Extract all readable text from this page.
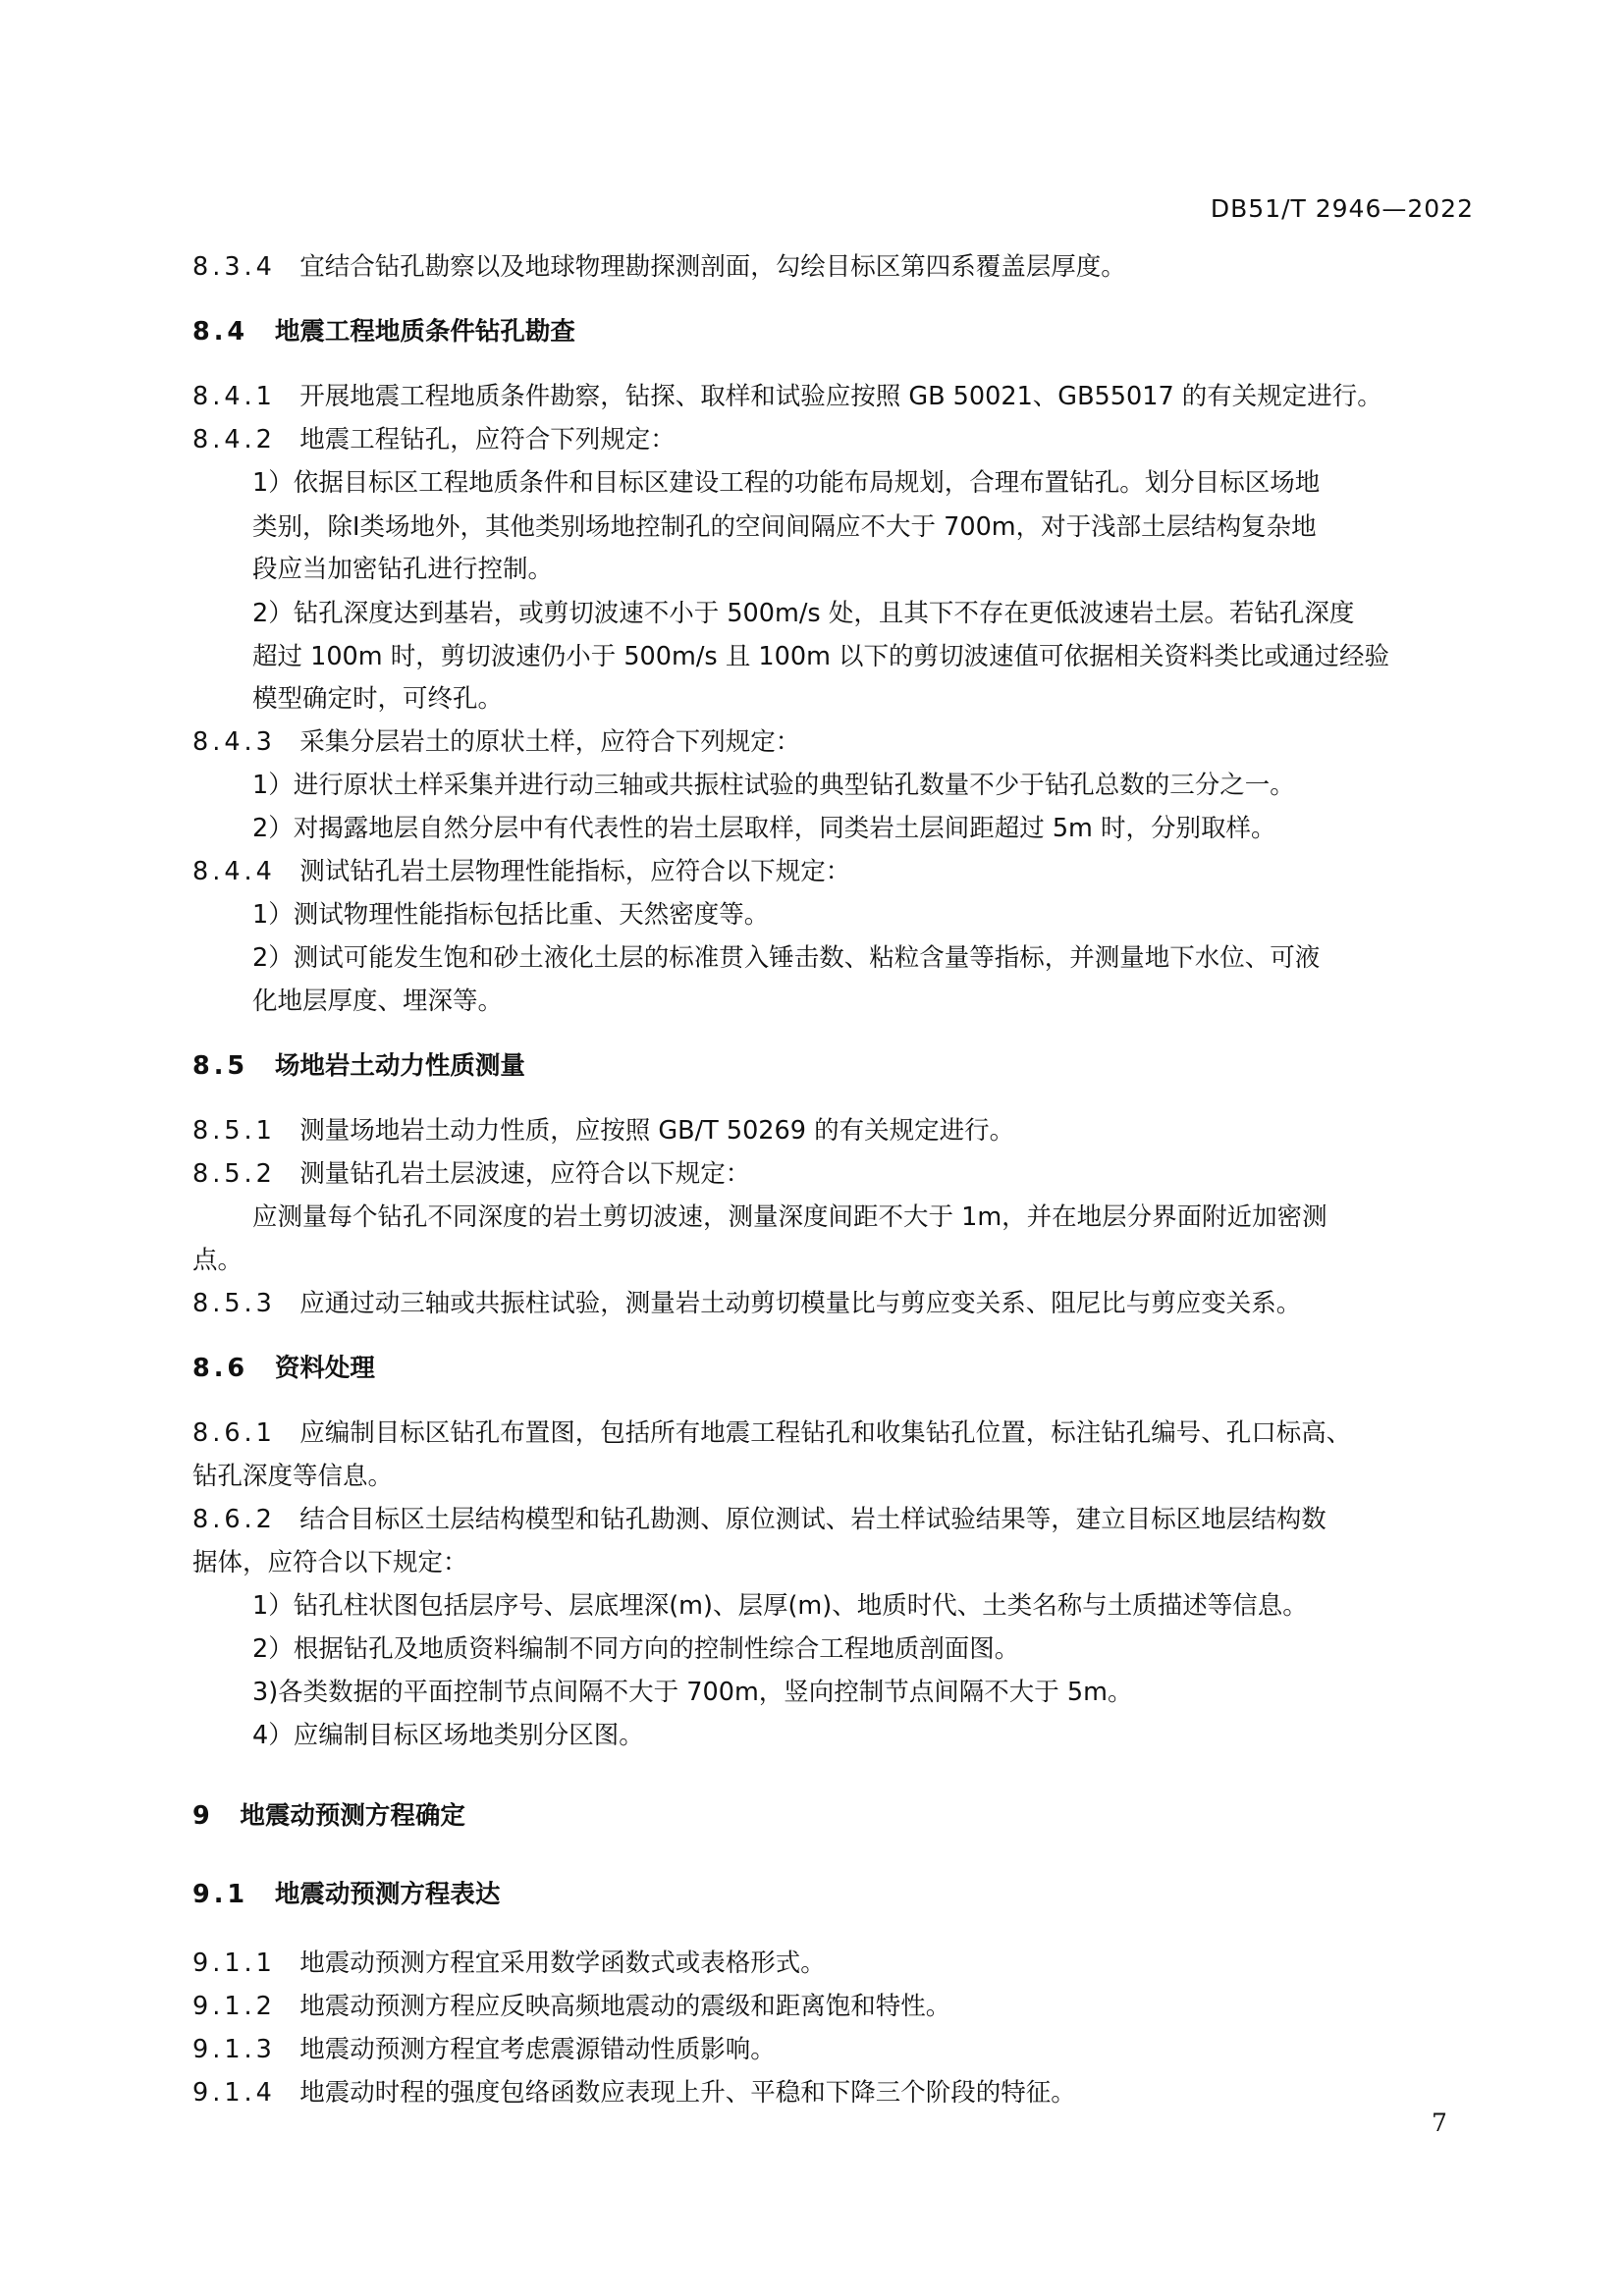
DB51/T 2946—2022
8.3.4 宜结合钻孔勘察以及地球物理勘探测剖面，勾绘目标区第四系覆盖层厚度。
8.4 地震工程地质条件钻孔勘查
8.4.1 开展地震工程地质条件勘察，钻探、取样和试验应按照 GB 50021、GB55017 的有关规定进行。
8.4.2 地震工程钻孔，应符合下列规定：
1）依据目标区工程地质条件和目标区建设工程的功能布局规划，合理布置钻孔。划分目标区场地
类别，除Ⅰ类场地外，其他类别场地控制孔的空间间隔应不大于 700m，对于浅部土层结构复杂地
段应当加密钻孔进行控制。
2）钻孔深度达到基岩，或剪切波速不小于 500m/s 处，且其下不存在更低波速岩土层。若钻孔深度
超过 100m 时，剪切波速仍小于 500m/s 且 100m 以下的剪切波速值可依据相关资料类比或通过经验
模型确定时，可终孔。
8.4.3 采集分层岩土的原状土样，应符合下列规定：
1）进行原状土样采集并进行动三轴或共振柱试验的典型钻孔数量不少于钻孔总数的三分之一。
2）对揭露地层自然分层中有代表性的岩土层取样，同类岩土层间距超过 5m 时，分别取样。
8.4.4 测试钻孔岩土层物理性能指标，应符合以下规定：
1）测试物理性能指标包括比重、天然密度等。
2）测试可能发生饱和砂土液化土层的标准贯入锤击数、粘粒含量等指标，并测量地下水位、可液
化地层厚度、埋深等。
8.5 场地岩土动力性质测量
8.5.1 测量场地岩土动力性质，应按照 GB/T 50269 的有关规定进行。
8.5.2 测量钻孔岩土层波速，应符合以下规定：
应测量每个钻孔不同深度的岩土剪切波速，测量深度间距不大于 1m，并在地层分界面附近加密测
点。
8.5.3 应通过动三轴或共振柱试验，测量岩土动剪切模量比与剪应变关系、阻尼比与剪应变关系。
8.6 资料处理
8.6.1 应编制目标区钻孔布置图，包括所有地震工程钻孔和收集钻孔位置，标注钻孔编号、孔口标高、
钻孔深度等信息。
8.6.2 结合目标区土层结构模型和钻孔勘测、原位测试、岩土样试验结果等，建立目标区地层结构数
据体，应符合以下规定：
1）钻孔柱状图包括层序号、层底埋深(m)、层厚(m)、地质时代、土类名称与土质描述等信息。
2）根据钻孔及地质资料编制不同方向的控制性综合工程地质剖面图。
3)各类数据的平面控制节点间隔不大于 700m，竖向控制节点间隔不大于 5m。
4）应编制目标区场地类别分区图。
9 地震动预测方程确定
9.1 地震动预测方程表达
9.1.1 地震动预测方程宜采用数学函数式或表格形式。
9.1.2 地震动预测方程应反映高频地震动的震级和距离饱和特性。
9.1.3 地震动预测方程宜考虑震源错动性质影响。
9.1.4 地震动时程的强度包络函数应表现上升、平稳和下降三个阶段的特征。
7
